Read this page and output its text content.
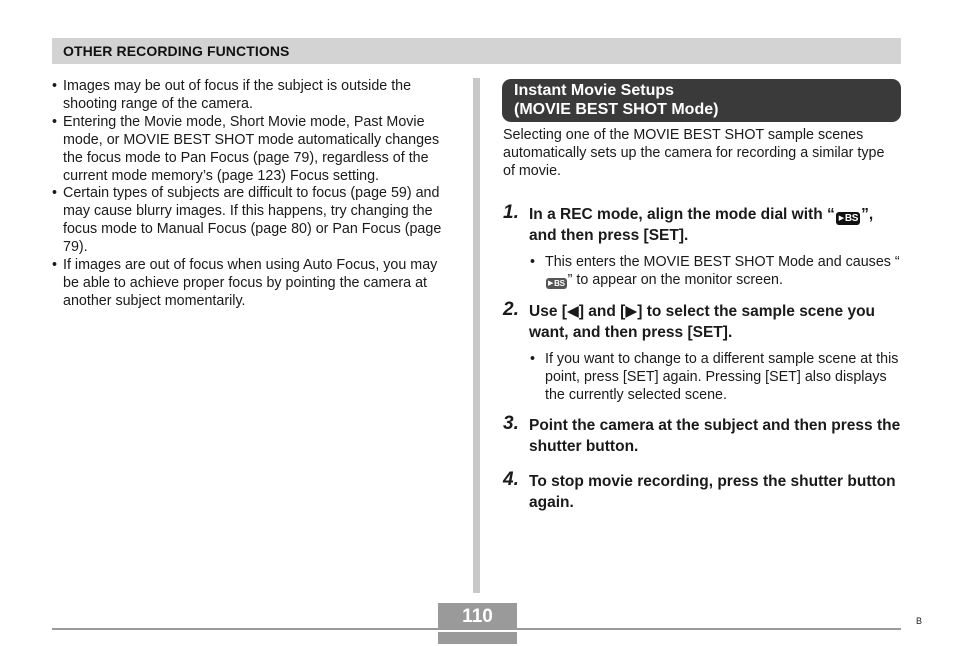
OTHER RECORDING FUNCTIONS
• Images may be out of focus if the subject is outside the shooting range of the camera.
• Entering the Movie mode, Short Movie mode, Past Movie mode, or MOVIE BEST SHOT mode automatically changes the focus mode to Pan Focus (page 79), regardless of the current mode memory’s (page 123) Focus setting.
• Certain types of subjects are difficult to focus (page 59) and may cause blurry images. If this happens, try changing the focus mode to Manual Focus (page 80) or Pan Focus (page 79).
• If images are out of focus when using Auto Focus, you may be able to achieve proper focus by pointing the camera at another subject momentarily.
Instant Movie Setups
(MOVIE BEST SHOT Mode)
Selecting one of the MOVIE BEST SHOT sample scenes automatically sets up the camera for recording a similar type of movie.
1. In a REC mode, align the mode dial with “ ▶BS ”, and then press [SET].
• This enters the MOVIE BEST SHOT Mode and causes “▶BS ” to appear on the monitor screen.
2. Use [◀] and [▶] to select the sample scene you want, and then press [SET].
• If you want to change to a different sample scene at this point, press [SET] again. Pressing [SET] also displays the currently selected scene.
3. Point the camera at the subject and then press the shutter button.
4. To stop movie recording, press the shutter button again.
110	B
